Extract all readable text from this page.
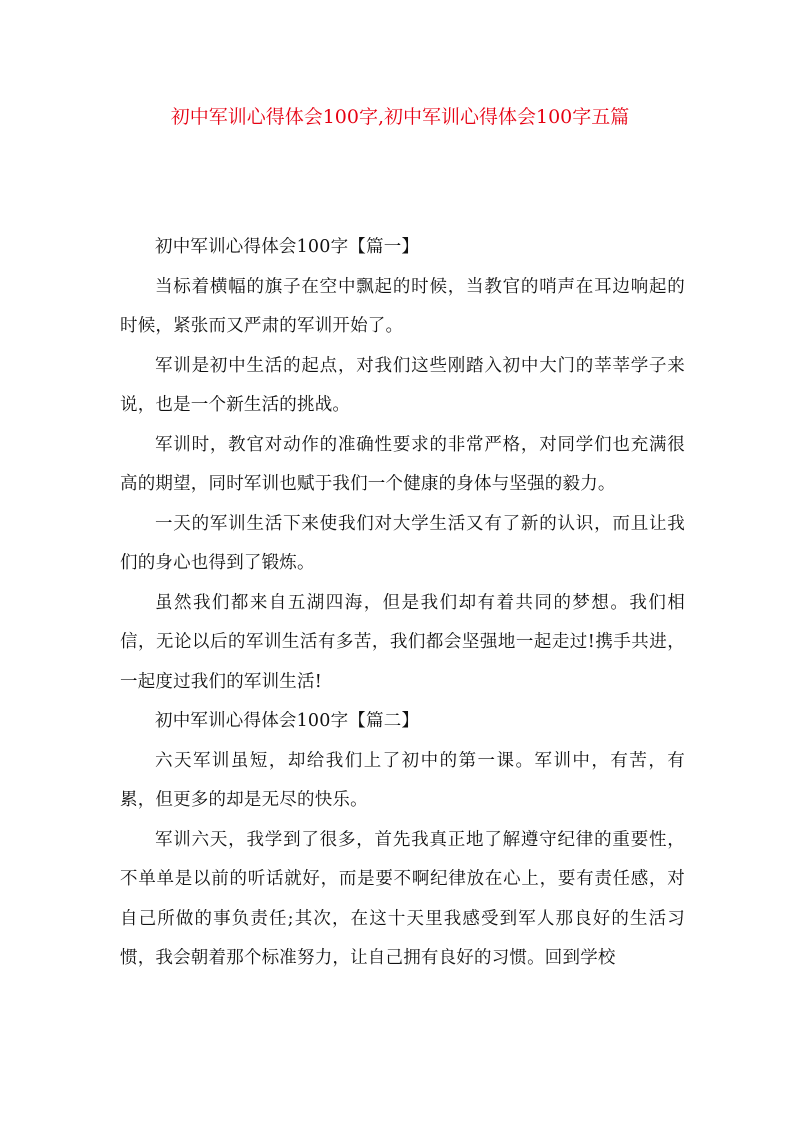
初中军训心得体会100字,初中军训心得体会100字五篇

初中军训心得体会100字【篇一】

当标着横幅的旗子在空中飘起的时候，当教官的哨声在耳边响起的时候，紧张而又严肃的军训开始了。

军训是初中生活的起点，对我们这些刚踏入初中大门的莘莘学子来说，也是一个新生活的挑战。

军训时，教官对动作的准确性要求的非常严格，对同学们也充满很高的期望，同时军训也赋于我们一个健康的身体与坚强的毅力。

一天的军训生活下来使我们对大学生活又有了新的认识，而且让我们的身心也得到了锻炼。

虽然我们都来自五湖四海，但是我们却有着共同的梦想。我们相信，无论以后的军训生活有多苦，我们都会坚强地一起走过!携手共进，一起度过我们的军训生活!

初中军训心得体会100字【篇二】

六天军训虽短，却给我们上了初中的第一课。军训中，有苦，有累，但更多的却是无尽的快乐。

军训六天，我学到了很多，首先我真正地了解遵守纪律的重要性，不单单是以前的听话就好，而是要不啊纪律放在心上，要有责任感，对自己所做的事负责任;其次，在这十天里我感受到军人那良好的生活习惯，我会朝着那个标准努力，让自己拥有良好的习惯。回到学校
